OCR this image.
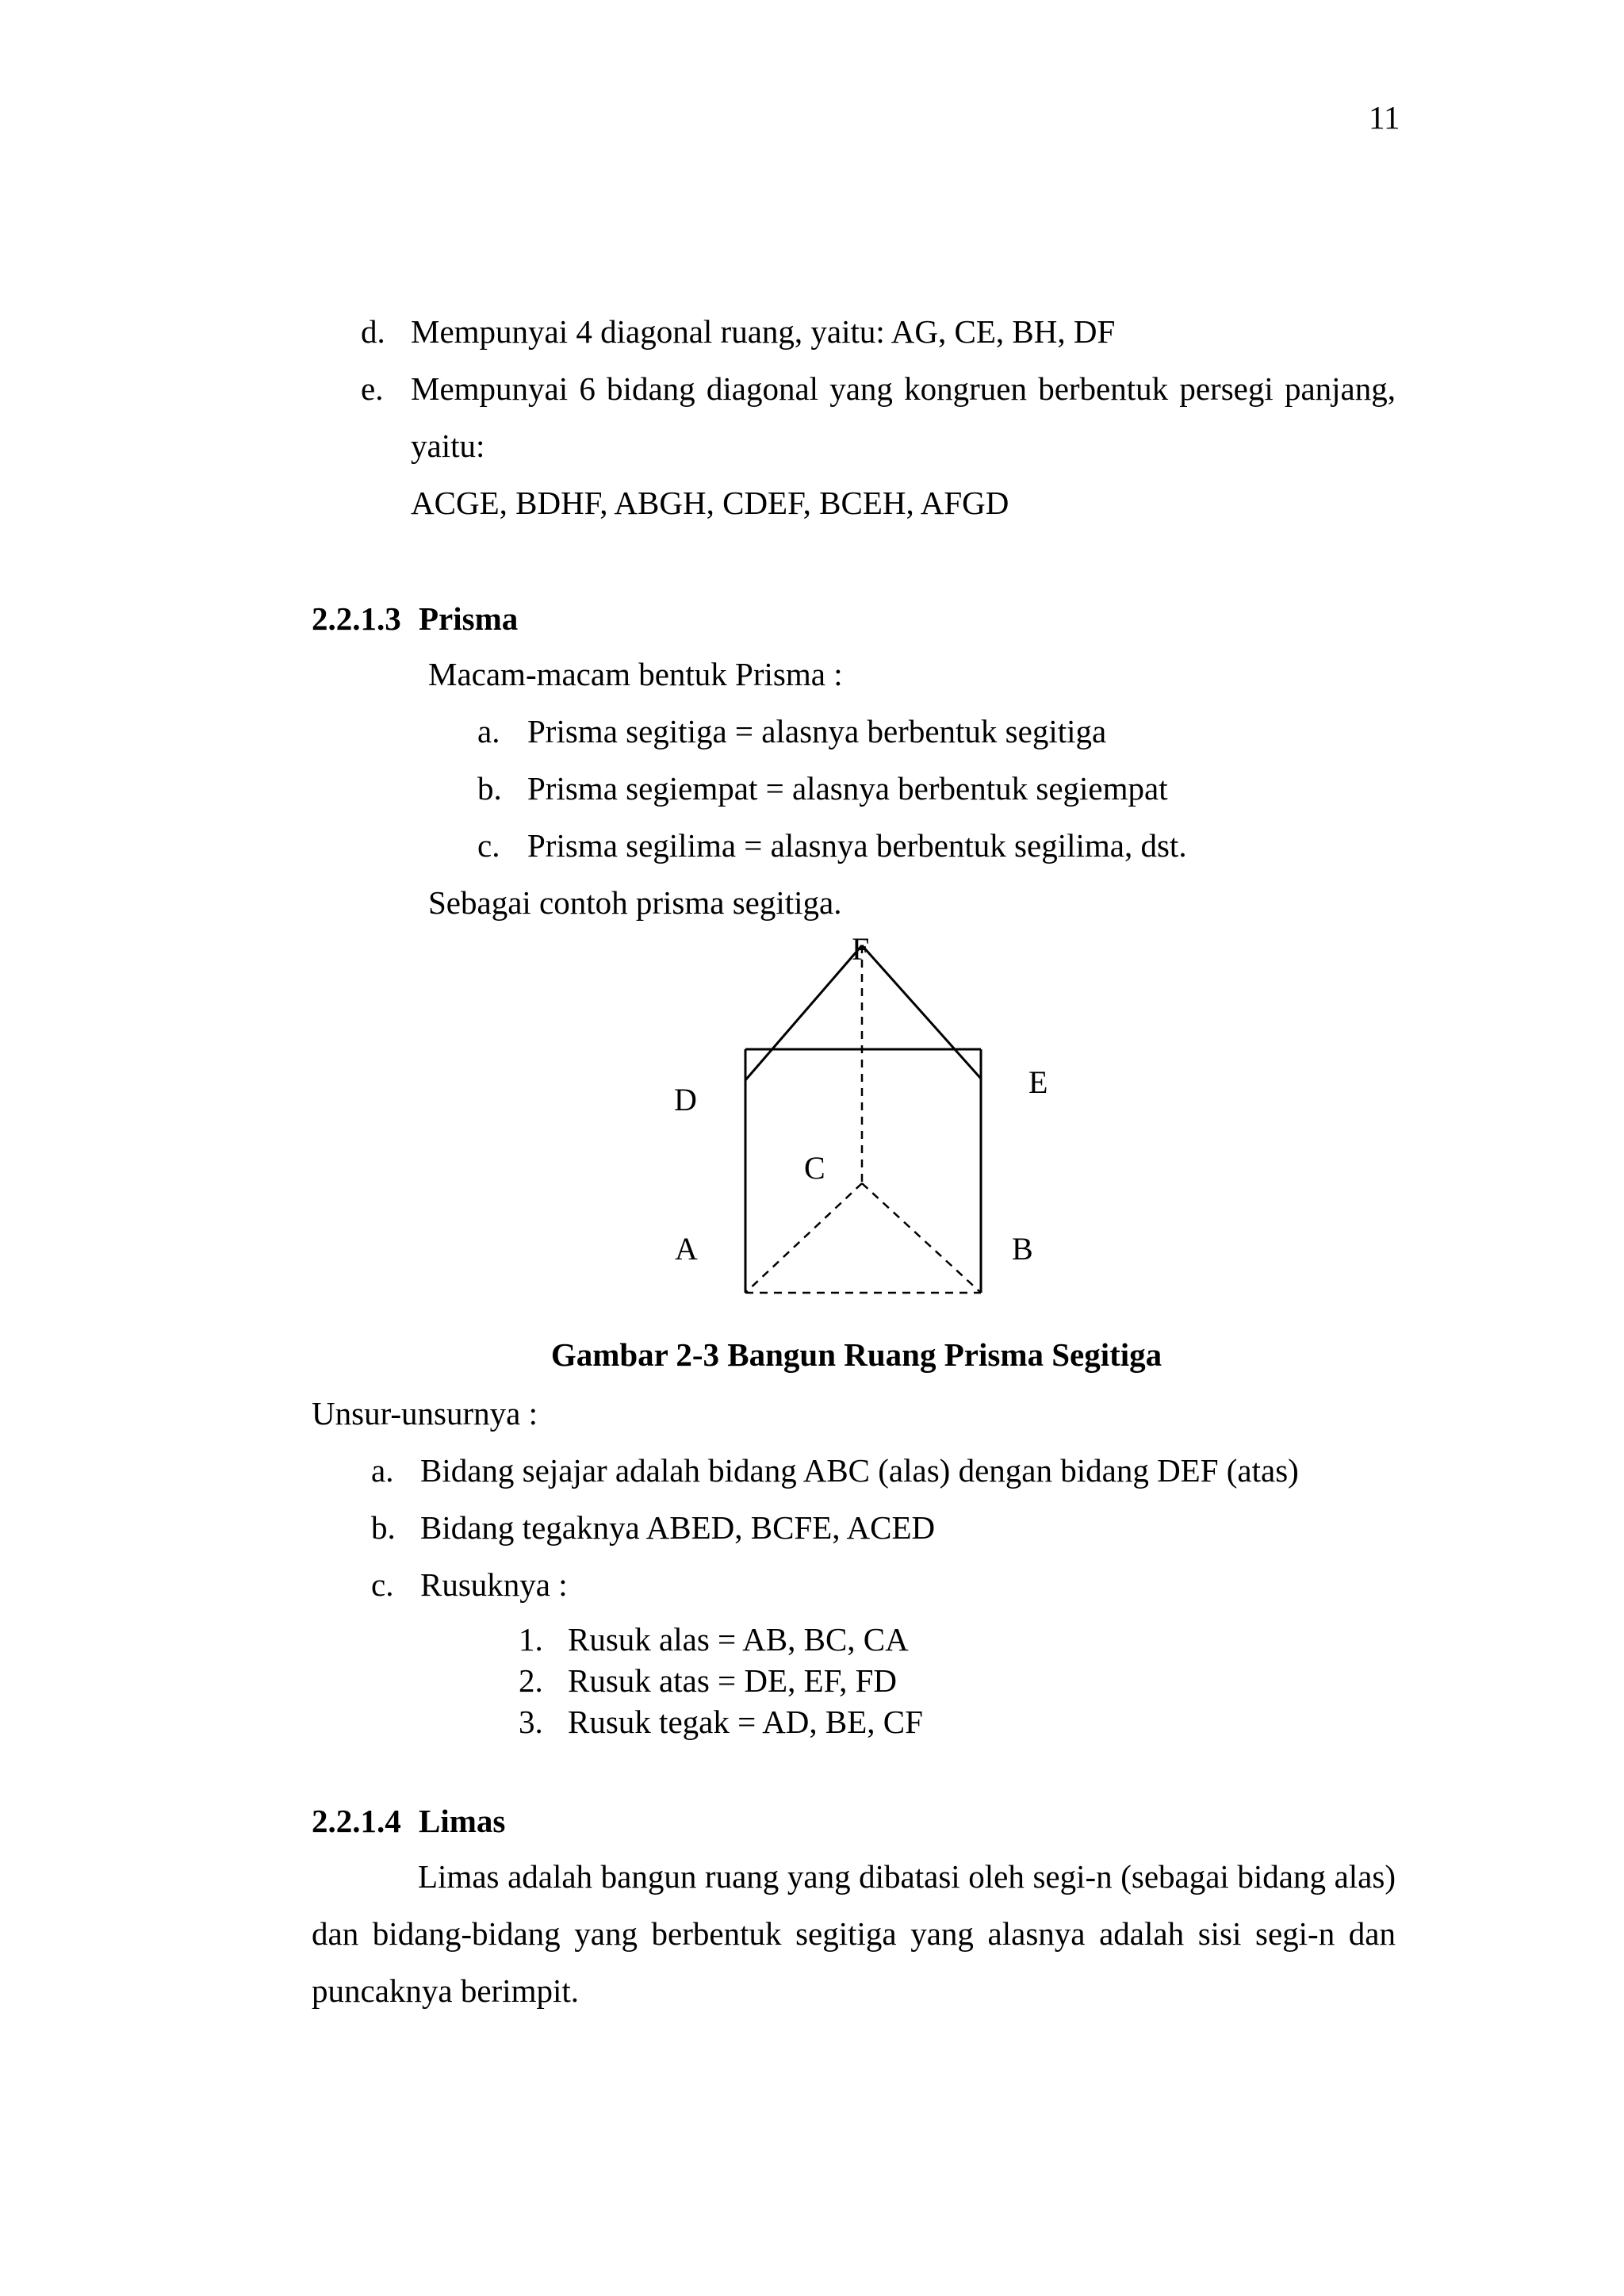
11
d. Mempunyai 4 diagonal ruang, yaitu: AG, CE, BH, DF
e. Mempunyai 6 bidang diagonal yang kongruen berbentuk persegi panjang,
yaitu:
ACGE, BDHF, ABGH, CDEF, BCEH, AFGD
2.2.1.3 Prisma
Macam-macam bentuk Prisma :
a. Prisma segitiga = alasnya berbentuk segitiga
b. Prisma segiempat = alasnya berbentuk segiempat
c. Prisma segilima = alasnya berbentuk segilima, dst.
Sebagai contoh prisma segitiga.
F
D	E
C
A	B
Gambar 2-3 Bangun Ruang Prisma Segitiga
Unsur-unsurnya :
a. Bidang sejajar adalah bidang ABC (alas) dengan bidang DEF (atas)
b. Bidang tegaknya ABED, BCFE, ACED
c. Rusuknya :
1. Rusuk alas = AB, BC, CA
2. Rusuk atas = DE, EF, FD
3. Rusuk tegak = AD, BE, CF
2.2.1.4 Limas
Limas adalah bangun ruang yang dibatasi oleh segi-n (sebagai bidang alas) dan bidang-bidang yang berbentuk segitiga yang alasnya adalah sisi segi-n dan puncaknya berimpit.
